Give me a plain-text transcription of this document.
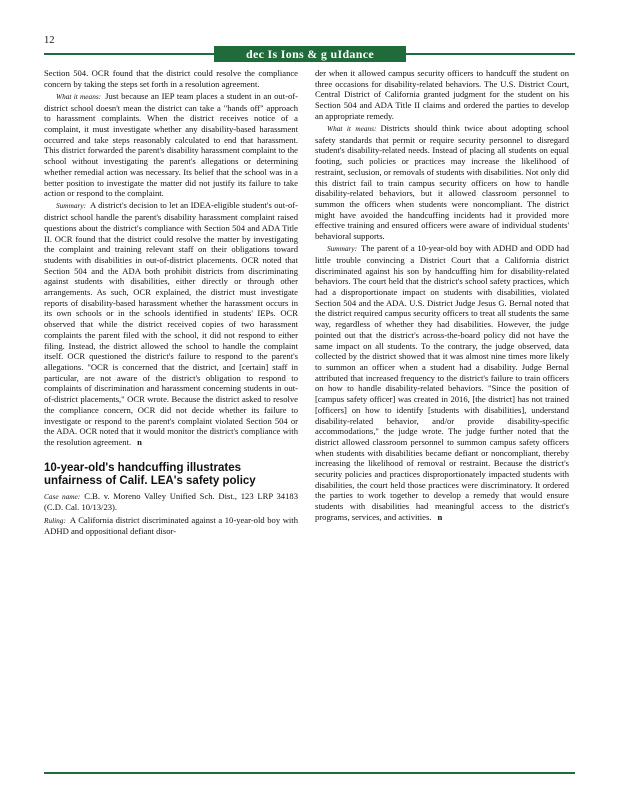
12
dec Is Ions & g uIdance

Section 504. OCR found that the district could resolve the compliance concern by taking the steps set forth in a resolution agreement.

What it means: Just because an IEP team places a student in an out-of-district school doesn't mean the district can take a "hands off" approach to harassment complaints. When the district receives notice of a complaint, it must investigate whether any disability-based harassment occurred and take steps reasonably calculated to end that harassment. This district forwarded the parent's disability harassment complaint to the school without investigating the parent's allegations or determining whether remedial action was necessary. Its belief that the school was in a better position to investigate the matter did not justify its failure to take action or respond to the complaint.

Summary: A district's decision to let an IDEA-eligible student's out-of-district school handle the parent's disability harassment complaint raised questions about the district's compliance with Section 504 and ADA Title II. OCR found that the district could resolve the matter by investigating the complaint and training relevant staff on their obligations toward students with disabilities in out-of-district placements. OCR noted that Section 504 and the ADA both prohibit districts from discriminating against students with disabilities, either directly or through other arrangements. As such, OCR explained, the district must investigate reports of disability-based harassment whether the harassment occurs in its own schools or in the schools identified in students' IEPs. OCR observed that while the district received copies of two harassment complaints the parent filed with the school, it did not respond to either filing. Instead, the district allowed the school to handle the complaint itself. OCR questioned the district's failure to respond to the parent's allegations. "OCR is concerned that the district, and [certain] staff in particular, are not aware of the district's obligation to respond to complaints of discrimination and harassment concerning students in out-of-district placements," OCR wrote. Because the district asked to resolve the compliance concern, OCR did not decide whether its failure to investigate or respond to the parent's complaint violated Section 504 or the ADA. OCR noted that it would monitor the district's compliance with the resolution agreement. n

10-year-old's handcuffing illustrates unfairness of Calif. LEA's safety policy

Case name: C.B. v. Moreno Valley Unified Sch. Dist., 123 LRP 34183 (C.D. Cal. 10/13/23).

Ruling: A California district discriminated against a 10-year-old boy with ADHD and oppositional defiant disor-

der when it allowed campus security officers to handcuff the student on three occasions for disability-related behaviors. The U.S. District Court, Central District of California granted judgment for the student on his Section 504 and ADA Title II claims and ordered the parties to develop an appropriate remedy.

What it means: Districts should think twice about adopting school safety standards that permit or require security personnel to disregard student's disability-related needs. Instead of placing all students on equal footing, such policies or practices may increase the likelihood of restraint, seclusion, or removals of students with disabilities. Not only did this district fail to train campus security officers on how to handle disability-related behaviors, but it allowed classroom personnel to summon the officers when students were noncompliant. The district might have avoided the handcuffing incidents had it provided more effective training and ensured officers were aware of individual students' behavioral supports.

Summary: The parent of a 10-year-old boy with ADHD and ODD had little trouble convincing a District Court that a California district discriminated against his son by handcuffing him for disability-related behaviors. The court held that the district's school safety practices, which had a disproportionate impact on students with disabilities, violated Section 504 and the ADA. U.S. District Judge Jesus G. Bernal noted that the district required campus security officers to treat all students the same way, regardless of whether they had disabilities. However, the judge pointed out that the district's across-the-board policy did not have the same impact on all students. To the contrary, the judge observed, data collected by the district showed that it was almost nine times more likely to summon an officer when a student had a disability. Judge Bernal attributed that increased frequency to the district's failure to train officers on how to handle disability-related behaviors. "Since the position of [campus safety officer] was created in 2016, [the district] has not trained [officers] on how to identify [students with disabilities], understand disability-related behavior, and/or provide disability-specific accommodations," the judge wrote. The judge further noted that the district allowed classroom personnel to summon campus safety officers when students with disabilities became defiant or noncompliant, thereby increasing the likelihood of removal or restraint. Because the district's security policies and practices disproportionately impacted students with disabilities, the court held those practices were discriminatory. It ordered the parties to work together to develop a remedy that would ensure students with disabilities had meaningful access to the district's programs, services, and activities. n
